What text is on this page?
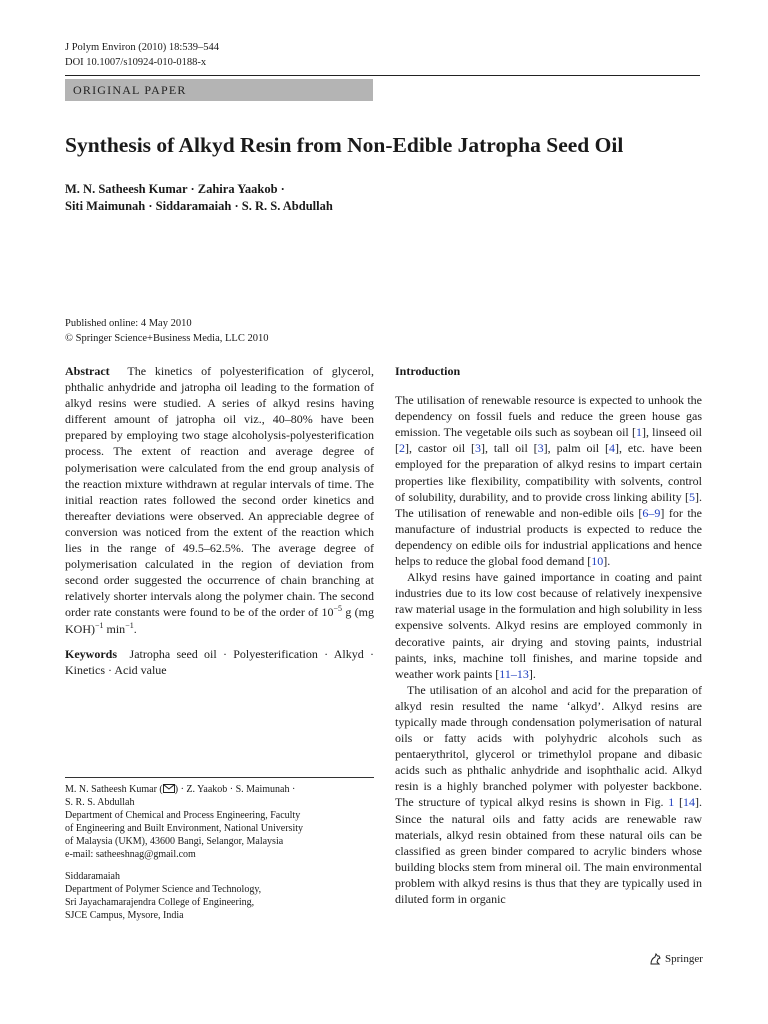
J Polym Environ (2010) 18:539–544
DOI 10.1007/s10924-010-0188-x
ORIGINAL PAPER
Synthesis of Alkyd Resin from Non-Edible Jatropha Seed Oil
M. N. Satheesh Kumar · Zahira Yaakob ·
Siti Maimunah · Siddaramaiah · S. R. S. Abdullah
Published online: 4 May 2010
© Springer Science+Business Media, LLC 2010

Abstract The kinetics of polyesterification of glycerol, phthalic anhydride and jatropha oil leading to the formation of alkyd resins were studied. A series of alkyd resins having different amount of jatropha oil viz., 40–80% have been prepared by employing two stage alcoholysis-polyesterification process. The extent of reaction and average degree of polymerisation were calculated from the end group analysis of the reaction mixture withdrawn at regular intervals of time. The initial reaction rates followed the second order kinetics and thereafter deviations were observed. An appreciable degree of conversion was noticed from the extent of the reaction which lies in the range of 49.5–62.5%. The average degree of polymerisation calculated in the region of deviation from second order suggested the occurrence of chain branching at relatively shorter intervals along the polymer chain. The second order rate constants were found to be of the order of $10^{-5}$ g (mg KOH)$^{-1}$ $\min^{-1}$.

Keywords Jatropha seed oil · Polyesterification · Alkyd · Kinetics · Acid value

M. N. Satheesh Kumar ( ) · Z. Yaakob · S. Maimunah ·

S. R. S. Abdullah

Department of Chemical and Process Engineering, Faculty

of Engineering and Built Environment, National University

of Malaysia (UKM), 43600 Bangi, Selangor, Malaysia

e-mail: satheeshnag@gmail.com

Siddaramaiah

Department of Polymer Science and Technology,

Sri Jayachamarajendra College of Engineering,

SJCE Campus, Mysore, India

Introduction

The utilisation of renewable resource is expected to unhook the dependency on fossil fuels and reduce the green house gas emission. The vegetable oils such as soybean oil [1], linseed oil [2], castor oil [3], tall oil [3], palm oil [4], etc. have been employed for the preparation of alkyd resins to impart certain properties like flexibility, compatibility with solvents, control of solubility, durability, and to provide cross linking ability [5]. The utilisation of renewable and non-edible oils [6–9] for the manufacture of industrial products is expected to reduce the dependency on edible oils for industrial applications and hence helps to reduce the global food demand [10].

Alkyd resins have gained importance in coating and paint industries due to its low cost because of relatively inexpensive raw material usage in the formulation and high solubility in less expensive solvents. Alkyd resins are employed commonly in decorative paints, air drying and stoving paints, industrial paints, inks, machine toll finishes, and marine topside and weather work paints [11–13].

The utilisation of an alcohol and acid for the preparation of alkyd resin resulted the name ‘alkyd’. Alkyd resins are typically made through condensation polymerisation of natural oils or fatty acids with polyhydric alcohols such as pentaerythritol, glycerol or trimethylol propane and dibasic acids such as phthalic anhydride and isophthalic acid. Alkyd resin is a highly branched polymer with polyester backbone. The structure of typical alkyd resins is shown in Fig. 1 [14]. Since the natural oils and fatty acids are renewable raw materials, alkyd resin obtained from these natural oils can be classified as green binder compared to acrylic binders whose building blocks stem from mineral oil. The main environmental problem with alkyd resins is thus that they are typically used in diluted form in organic

Springer
